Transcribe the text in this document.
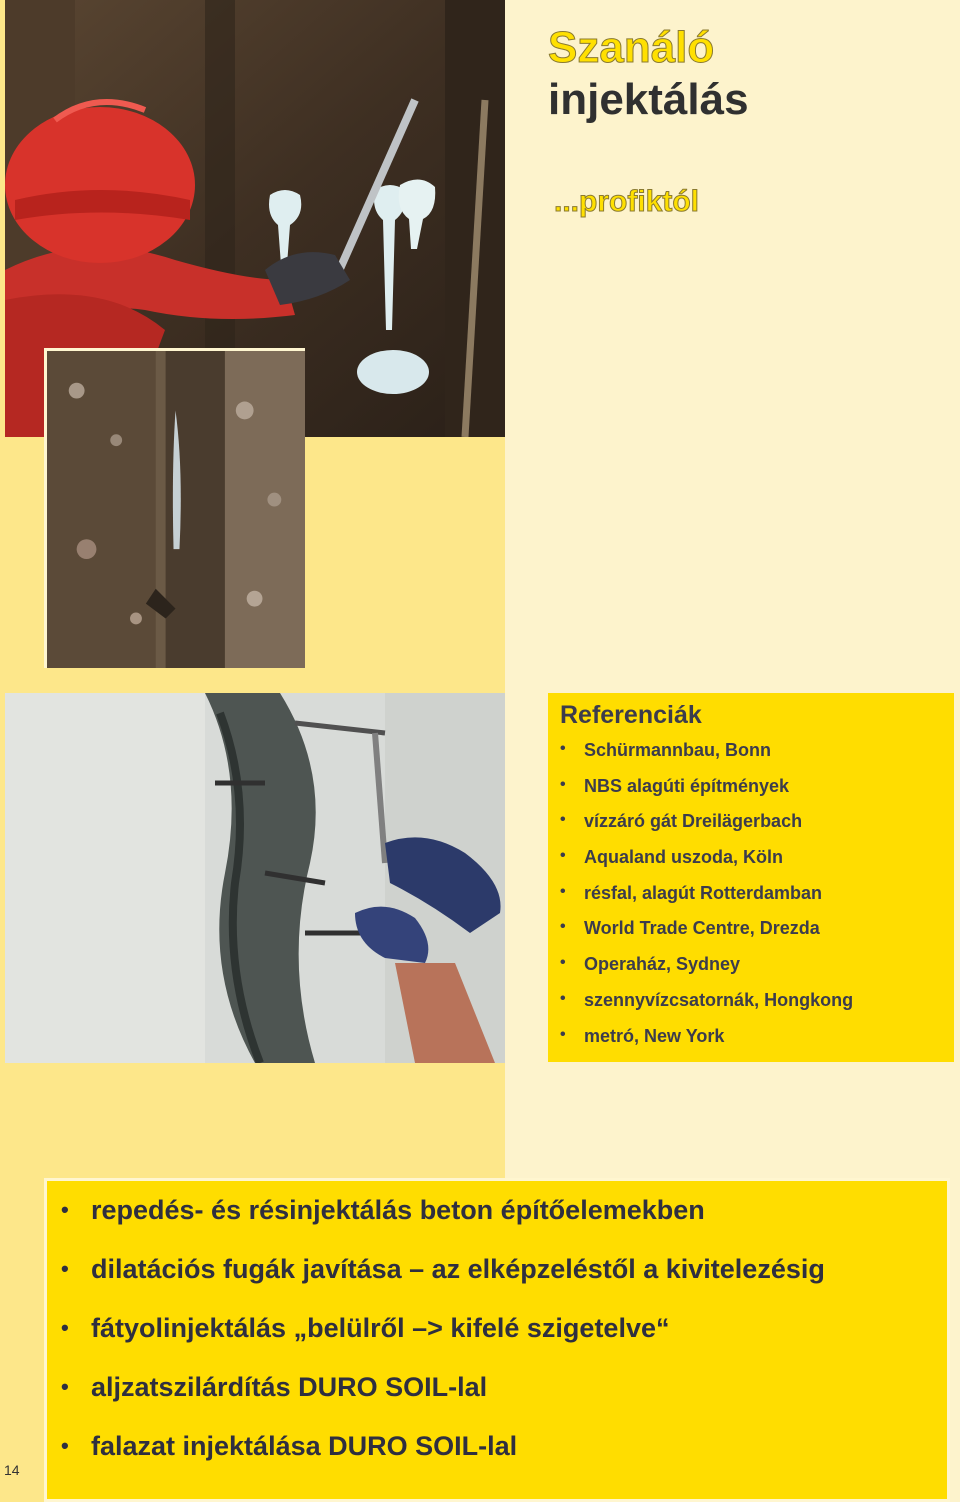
Szanáló
injektálás
...profiktól
Referenciák
•	Schürmannbau, Bonn
•	NBS alagúti építmények
•	vízzáró gát Dreilägerbach
•	Aqualand uszoda, Köln
•	résfal, alagút Rotterdamban
•	World Trade Centre, Drezda
•	Operaház, Sydney
•	szennyvízcsatornák, Hongkong
•	metró, New York
• repedés- és résinjektálás beton építőelemekben
• dilatációs fugák javítása – az elképzeléstől a kivitelezésig
• fátyolinjektálás „belülről –> kifelé szigetelve“
• aljzatszilárdítás DURO SOIL-lal
• falazat injektálása DURO SOIL-lal
14
